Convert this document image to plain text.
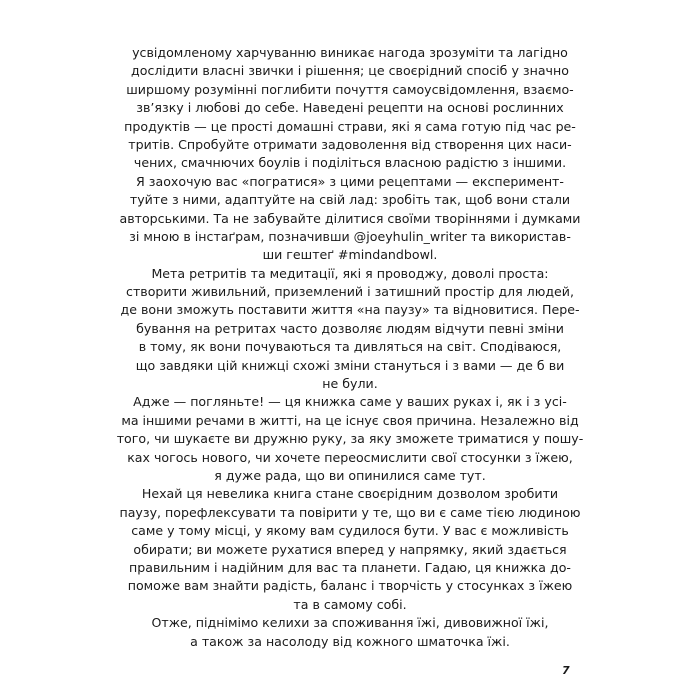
усвідомленому харчуванню виникає нагода зрозуміти та лагідно
дослідити власні звички і рішення; це своєрідний спосіб у значно
ширшому розумінні поглибити почуття самоусвідомлення, взаємо-
зв’язку і любові до себе. Наведені рецепти на основі рослинних
продуктів — це прості домашні страви, які я сама готую під час ре-
тритів. Спробуйте отримати задоволення від створення цих наси-
чених, смачнючих боулів і поділіться власною радістю з іншими.
Я заохочую вас «погратися» з цими рецептами — експеримент-
туйте з ними, адаптуйте на свій лад: зробіть так, щоб вони стали
авторськими. Та не забувайте ділитися своїми творіннями і думками
зі мною в інстаґрам, позначивши @joeyhulin_writer та використав-
ши гештеґ #mindandbowl.
Мета ретритів та медитації, які я проводжу, доволі проста:
створити живильний, приземлений і затишний простір для людей,
де вони зможуть поставити життя «на паузу» та відновитися. Пере-
бування на ретритах часто дозволяє людям відчути певні зміни
в тому, як вони почуваються та дивляться на світ. Сподіваюся,
що завдяки цій книжці схожі зміни станутьcя і з вами — де б ви
не були.
Адже — погляньте! — ця книжка саме у ваших руках і, як і з усі-
ма іншими речами в житті, на це існує своя причина. Незалежно від
того, чи шукаєте ви дружню руку, за яку зможете триматися у пошу-
ках чогось нового, чи хочете переосмислити свої стосунки з їжею,
я дуже рада, що ви опинилися саме тут.
Нехай ця невелика книга стане своєрідним дозволом зробити
паузу, порефлексувати та повірити у те, що ви є саме тією людиною
саме у тому місці, у якому вам судилося бути. У вас є можливість
обирати; ви можете рухатися вперед у напрямку, який здається
правильним і надійним для вас та планети. Гадаю, ця книжка до-
поможе вам знайти радість, баланс і творчість у стосунках з їжею
та в самому собі.
Отже, піднімімо келихи за споживання їжі, дивовижної їжі,
а також за насолоду від кожного шматочка їжі.
7
